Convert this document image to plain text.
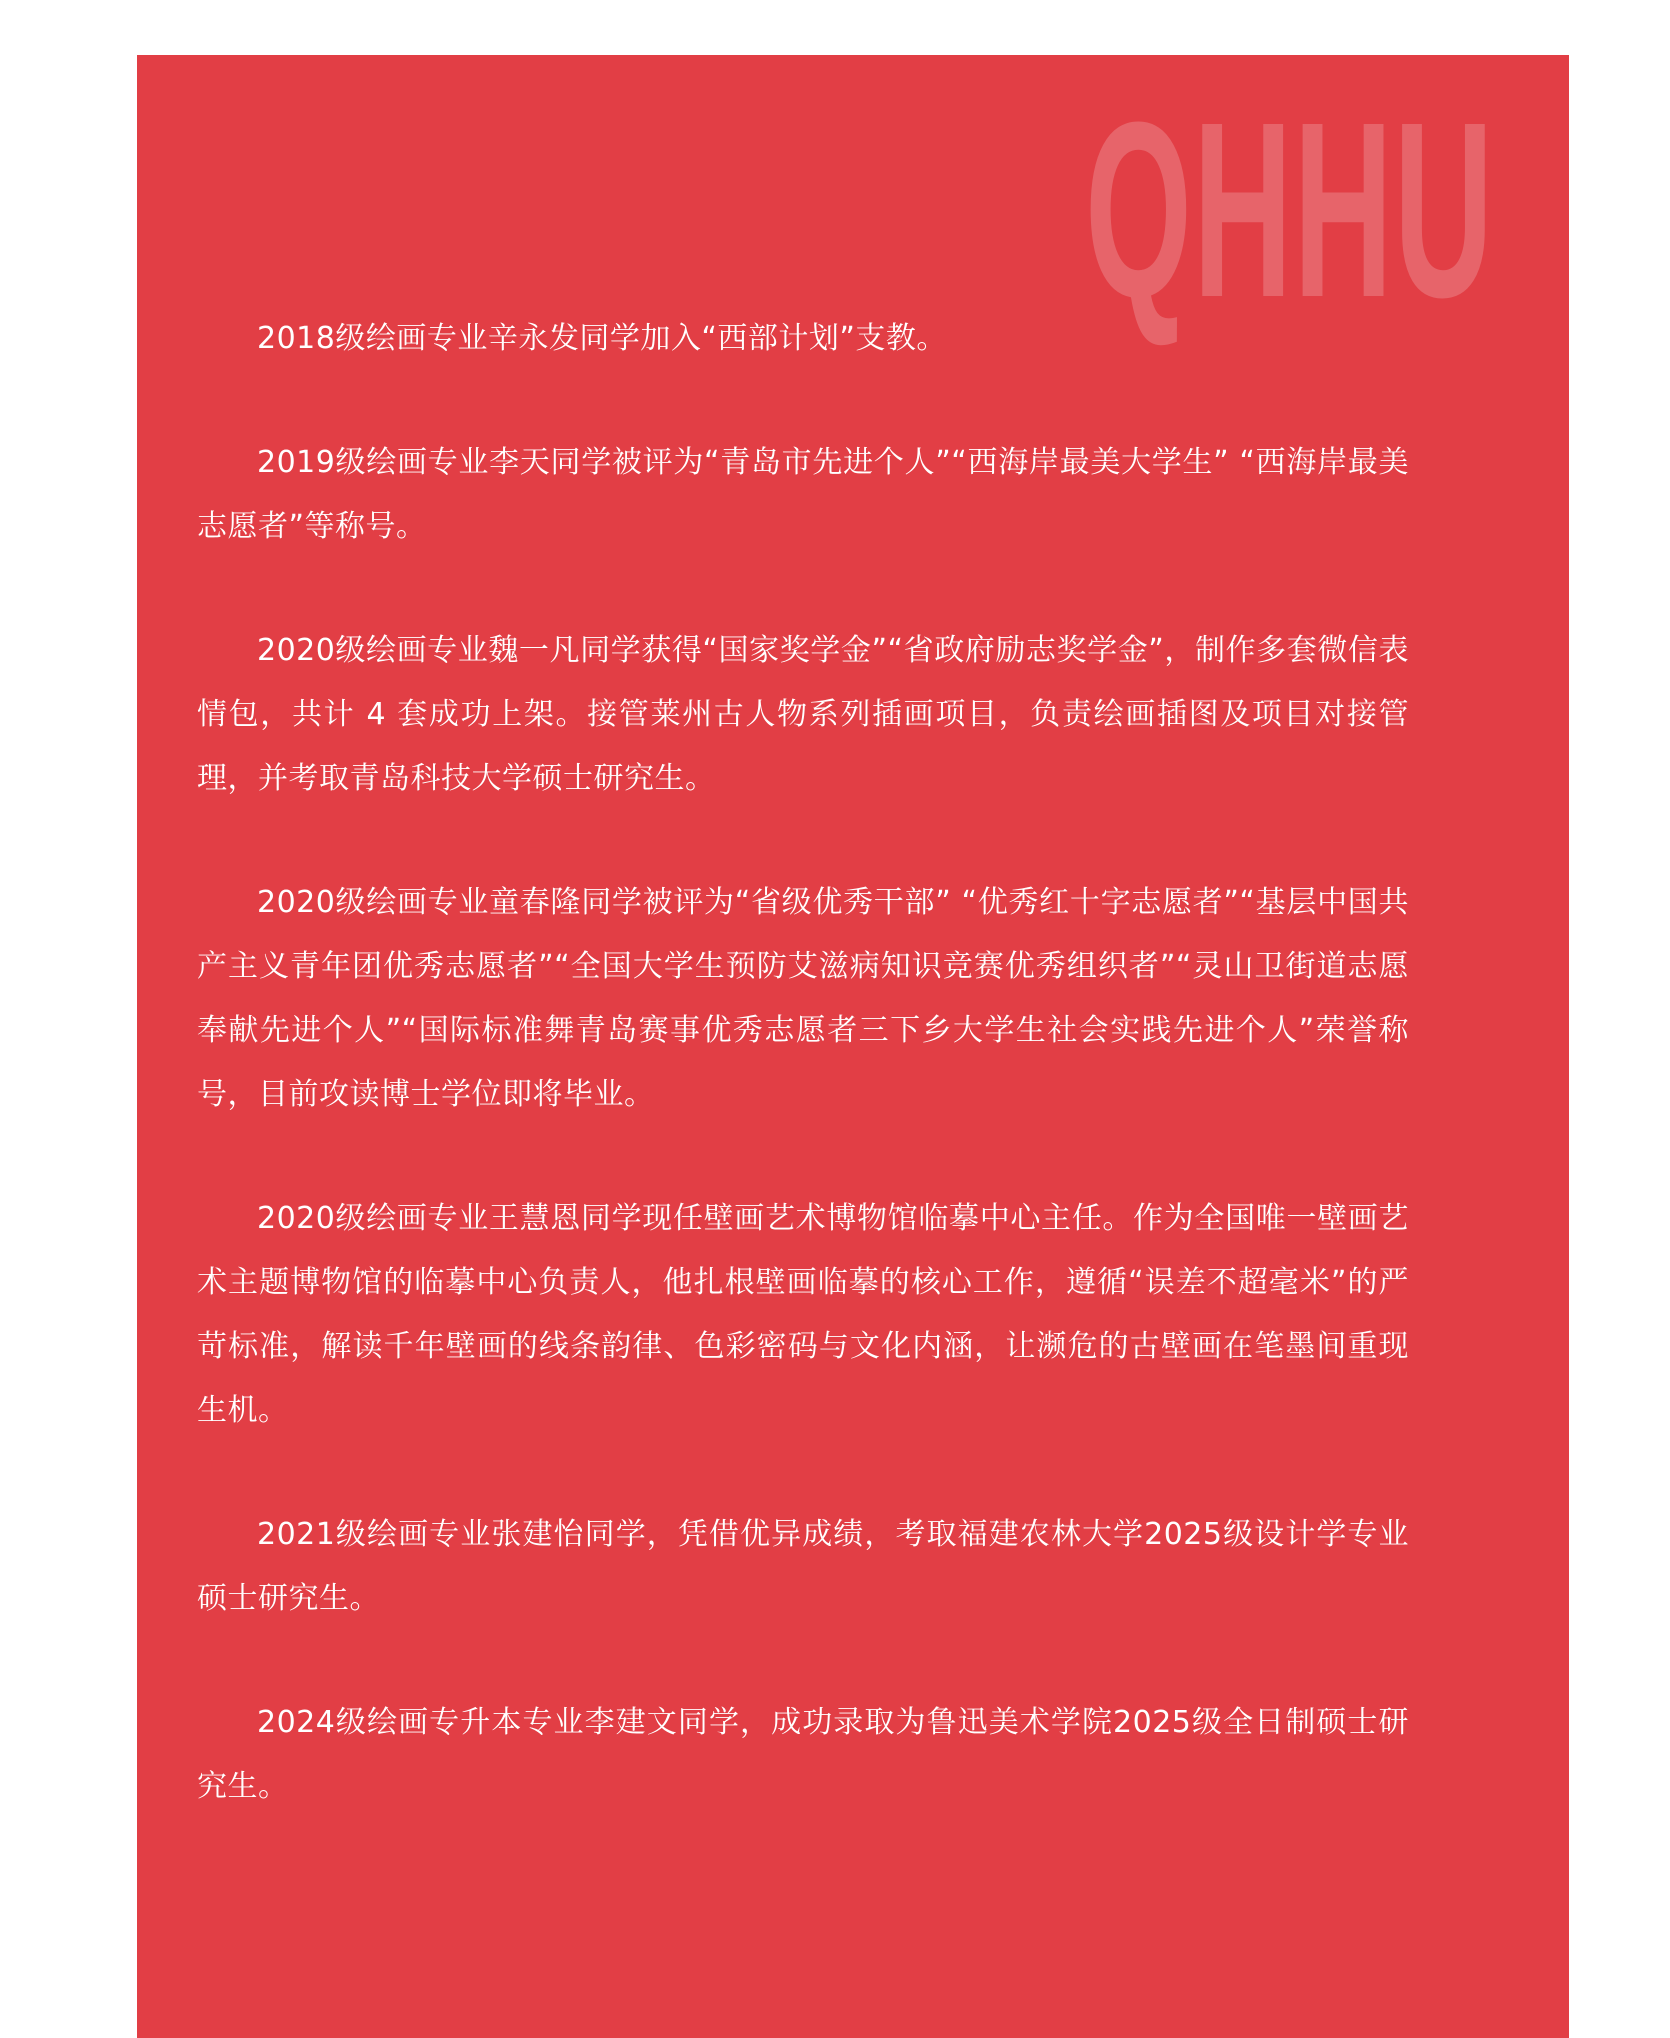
QHHU

2018级绘画专业辛永发同学加入“西部计划”支教。

2019级绘画专业李天同学被评为“青岛市先进个人”“西海岸最美大学生” “西海岸最美志愿者”等称号。

2020级绘画专业魏一凡同学获得“国家奖学金”“省政府励志奖学金”，制作多套微信表情包，共计 4 套成功上架。接管莱州古人物系列插画项目，负责绘画插图及项目对接管理，并考取青岛科技大学硕士研究生。

2020级绘画专业童春隆同学被评为“省级优秀干部” “优秀红十字志愿者”“基层中国共产主义青年团优秀志愿者”“全国大学生预防艾滋病知识竞赛优秀组织者”“灵山卫街道志愿奉献先进个人”“国际标准舞青岛赛事优秀志愿者三下乡大学生社会实践先进个人”荣誉称号，目前攻读博士学位即将毕业。

2020级绘画专业王慧恩同学现任壁画艺术博物馆临摹中心主任。作为全国唯一壁画艺术主题博物馆的临摹中心负责人，他扎根壁画临摹的核心工作，遵循“误差不超毫米”的严苛标准，解读千年壁画的线条韵律、色彩密码与文化内涵，让濒危的古壁画在笔墨间重现生机。

2021级绘画专业张建怡同学，凭借优异成绩，考取福建农林大学2025级设计学专业硕士研究生。

2024级绘画专升本专业李建文同学，成功录取为鲁迅美术学院2025级全日制硕士研究生。
